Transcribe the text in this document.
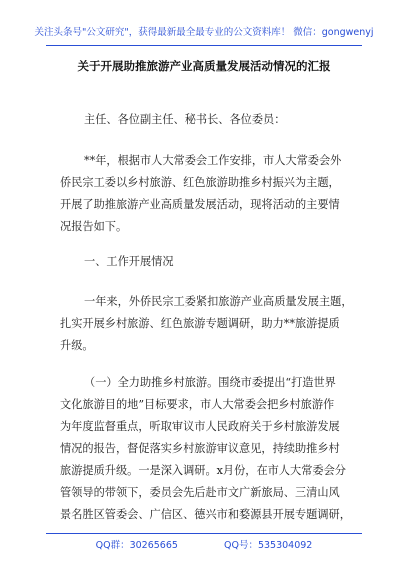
关注头条号"公文研究"，获得最新最全最专业的公文资料库！ 微信：gongwenyj
关于开展助推旅游产业高质量发展活动情况的汇报
主任、各位副主任、秘书长、各位委员：
**年，根据市人大常委会工作安排，市人大常委会外
侨民宗工委以乡村旅游、红色旅游助推乡村振兴为主题，
开展了助推旅游产业高质量发展活动，现将活动的主要情
况报告如下。
一、工作开展情况
一年来，外侨民宗工委紧扣旅游产业高质量发展主题，
扎实开展乡村旅游、红色旅游专题调研，助力**旅游提质
升级。
（一）全力助推乡村旅游。围绕市委提出“打造世界
文化旅游目的地”目标要求，市人大常委会把乡村旅游作
为年度监督重点，听取审议市人民政府关于乡村旅游发展
情况的报告，督促落实乡村旅游审议意见，持续助推乡村
旅游提质升级。一是深入调研。x月份，在市人大常委会分
管领导的带领下，委员会先后赴市文广新旅局、三清山风
景名胜区管委会、广信区、德兴市和婺源县开展专题调研，
QQ群：30265665	QQ号：535304092
